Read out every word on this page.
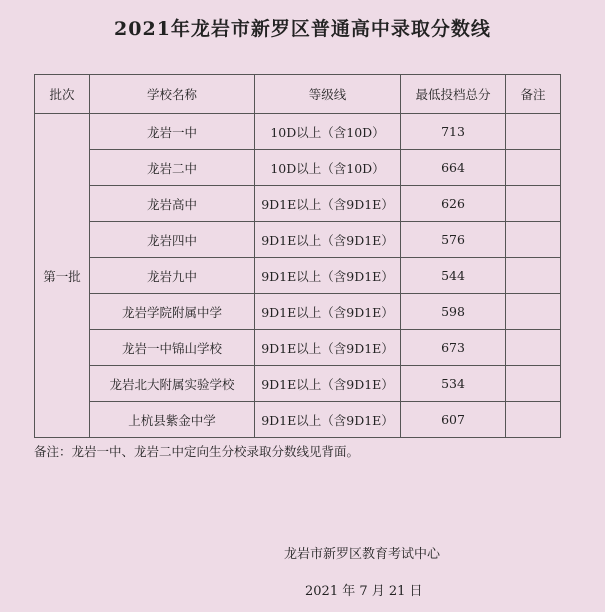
2021年龙岩市新罗区普通高中录取分数线
批次	学校名称	等级线	最低投档总分	备注
第一批	龙岩一中	10D以上（含10D）	713	
	龙岩二中	10D以上（含10D）	664	
	龙岩高中	9D1E以上（含9D1E）	626	
	龙岩四中	9D1E以上（含9D1E）	576	
	龙岩九中	9D1E以上（含9D1E）	544	
	龙岩学院附属中学	9D1E以上（含9D1E）	598	
	龙岩一中锦山学校	9D1E以上（含9D1E）	673	
	龙岩北大附属实验学校	9D1E以上（含9D1E）	534	
	上杭县紫金中学	9D1E以上（含9D1E）	607	
备注：龙岩一中、龙岩二中定向生分校录取分数线见背面。
龙岩市新罗区教育考试中心
2021 年 7 月 21 日
